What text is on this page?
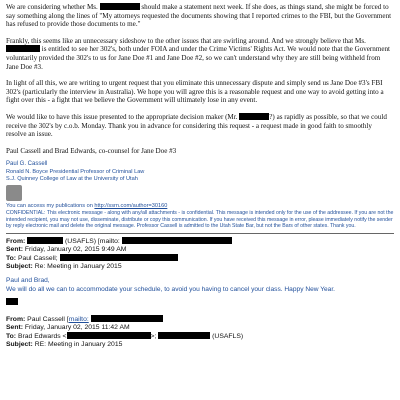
We are considering whether Ms.	should make a statement next week. If she does, as things stand, she might be forced to say something along the lines of "My attorneys requested the documents showing that I reported crimes to the FBI, but the Government has refused to provide those documents to me."

Frankly, this seems like an unnecessary sideshow to the other issues that are swirling around. And we strongly believe that Ms.  is entitled to see her 302's, both under FOIA and under the Crime Victims' Rights Act. We would note that the Government voluntarily provided the 302's to us for Jane Doe #1 and Jane Doe #2, so we can't understand why they are still being withheld from Jane Doe #3.

In light of all this, we are writing to urgent request that you eliminate this unnecessary dispute and simply send us Jane Doe #3's FBI 302's (particularly the interview in Australia). We hope you will agree this is a reasonable request and one way to avoid getting into a fight over this - a fight that we believe the Government will ultimately lose in any event.

We would like to have this issue presented to the appropriate decision maker (Mr.	?) as rapidly as possible, so that we could receive the 302's by c.o.b. Monday. Thank you in advance for considering this request - a request made in good faith to smoothly resolve an issue.

Paul Cassell and Brad Edwards, co-counsel for Jane Doe #3

Paul G. Cassell
Ronald N. Boyce Presidential Professor of Criminal Law
S.J. Quinney College of Law at the University of Utah
You can access my publications on http://ssrn.com/author=30160
CONFIDENTIAL: This electronic message - along with any/all attachments - is confidential. This message is intended only for the use of the addressee. If you are not the intended recipient, you may not use, disseminate, distribute or copy this communication. If you have received this message in error, please immediately notify the sender by reply electronic mail and delete the original message. Professor Cassell is admitted to the Utah State Bar, but not the Bars of other states. Thank you.
From:	(USAFLS) [mailto:
Sent: Friday, January 02, 2015 9:49 AM
To: Paul Cassell;
Subject: Re: Meeting in January 2015
Paul and Brad,
We will do all we can to accommodate your schedule, to avoid you having to cancel your class. Happy New Year.
From: Paul Cassell [mailto:
Sent: Friday, January 02, 2015 11:42 AM
To: Brad Edwards <	>;	(USAFLS)
Subject: RE: Meeting in January 2015
